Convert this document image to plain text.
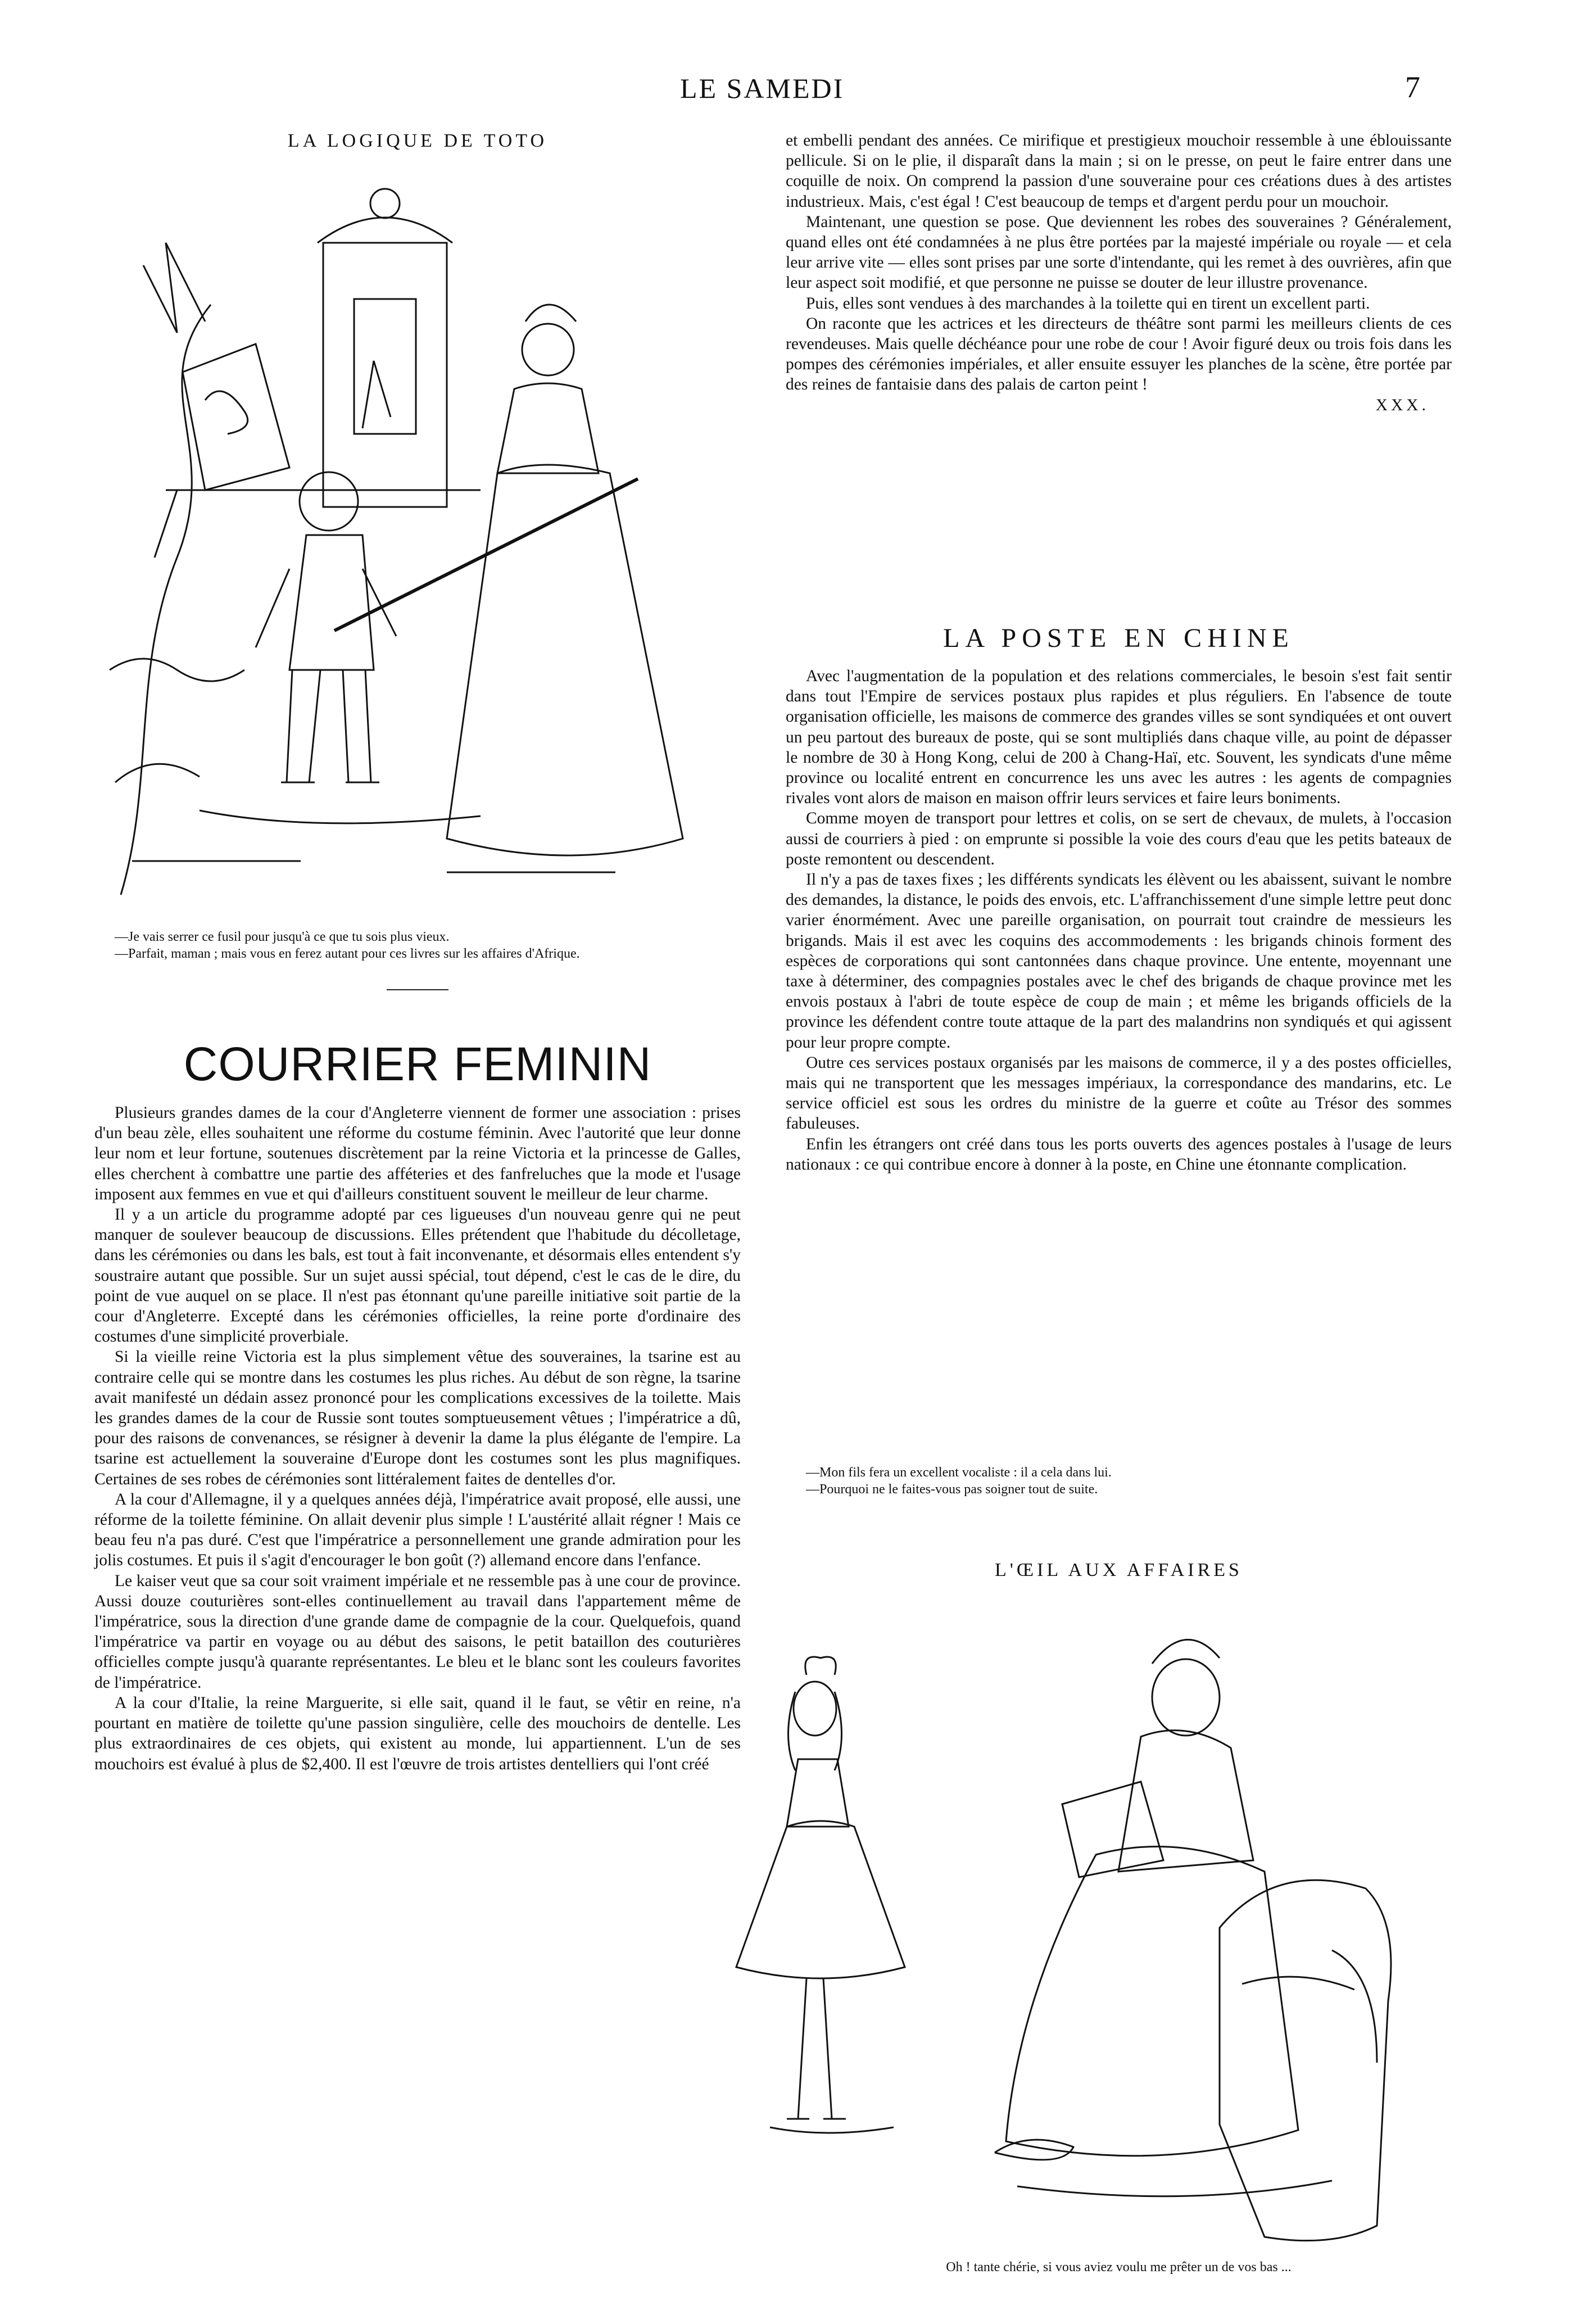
LE SAMEDI	7

LA LOGIQUE DE TOTO

—Je vais serrer ce fusil pour jusqu'à ce que tu sois plus vieux.

—Parfait, maman ; mais vous en ferez autant pour ces livres sur les affaires d'Afrique.

COURRIER FEMININ

Plusieurs grandes dames de la cour d'Angleterre viennent de former une association : prises d'un beau zèle, elles souhaitent une réforme du costume féminin. Avec l'autorité que leur donne leur nom et leur fortune, soutenues discrètement par la reine Victoria et la princesse de Galles, elles cherchent à combattre une partie des afféteries et des fanfreluches que la mode et l'usage imposent aux femmes en vue et qui d'ailleurs constituent souvent le meilleur de leur charme.

Il y a un article du programme adopté par ces ligueuses d'un nouveau genre qui ne peut manquer de soulever beaucoup de discussions. Elles prétendent que l'habitude du décolletage, dans les cérémonies ou dans les bals, est tout à fait inconvenante, et désormais elles entendent s'y soustraire autant que possible. Sur un sujet aussi spécial, tout dépend, c'est le cas de le dire, du point de vue auquel on se place. Il n'est pas étonnant qu'une pareille initiative soit partie de la cour d'Angleterre. Excepté dans les cérémonies officielles, la reine porte d'ordinaire des costumes d'une simplicité proverbiale.

Si la vieille reine Victoria est la plus simplement vêtue des souveraines, la tsarine est au contraire celle qui se montre dans les costumes les plus riches. Au début de son règne, la tsarine avait manifesté un dédain assez prononcé pour les complications excessives de la toilette. Mais les grandes dames de la cour de Russie sont toutes somptueusement vêtues ; l'impératrice a dû, pour des raisons de convenances, se résigner à devenir la dame la plus élégante de l'empire. La tsarine est actuellement la souveraine d'Europe dont les costumes sont les plus magnifiques. Certaines de ses robes de cérémonies sont littéralement faites de dentelles d'or.

A la cour d'Allemagne, il y a quelques années déjà, l'impératrice avait proposé, elle aussi, une réforme de la toilette féminine. On allait devenir plus simple ! L'austérité allait régner ! Mais ce beau feu n'a pas duré. C'est que l'impératrice a personnellement une grande admiration pour les jolis costumes. Et puis il s'agit d'encourager le bon goût (?) allemand encore dans l'enfance.

Le kaiser veut que sa cour soit vraiment impériale et ne ressemble pas à une cour de province. Aussi douze couturières sont-elles continuellement au travail dans l'appartement même de l'impératrice, sous la direction d'une grande dame de compagnie de la cour. Quelquefois, quand l'impératrice va partir en voyage ou au début des saisons, le petit bataillon des couturières officielles compte jusqu'à quarante représentantes. Le bleu et le blanc sont les couleurs favorites de l'impératrice.

A la cour d'Italie, la reine Marguerite, si elle sait, quand il le faut, se vêtir en reine, n'a pourtant en matière de toilette qu'une passion singulière, celle des mouchoirs de dentelle. Les plus extraordinaires de ces objets, qui existent au monde, lui appartiennent. L'un de ses mouchoirs est évalué à plus de $2,400. Il est l'œuvre de trois artistes dentelliers qui l'ont créé

et embelli pendant des années. Ce mirifique et prestigieux mouchoir ressemble à une éblouissante pellicule. Si on le plie, il disparaît dans la main ; si on le presse, on peut le faire entrer dans une coquille de noix. On comprend la passion d'une souveraine pour ces créations dues à des artistes industrieux. Mais, c'est égal ! C'est beaucoup de temps et d'argent perdu pour un mouchoir.

Maintenant, une question se pose. Que deviennent les robes des souveraines ? Généralement, quand elles ont été condamnées à ne plus être portées par la majesté impériale ou royale — et cela leur arrive vite — elles sont prises par une sorte d'intendante, qui les remet à des ouvrières, afin que leur aspect soit modifié, et que personne ne puisse se douter de leur illustre provenance.

Puis, elles sont vendues à des marchandes à la toilette qui en tirent un excellent parti.

On raconte que les actrices et les directeurs de théâtre sont parmi les meilleurs clients de ces revendeuses. Mais quelle déchéance pour une robe de cour ! Avoir figuré deux ou trois fois dans les pompes des cérémonies impériales, et aller ensuite essuyer les planches de la scène, être portée par des reines de fantaisie dans des palais de carton peint !

XXX.

LA POSTE EN CHINE

Avec l'augmentation de la population et des relations commerciales, le besoin s'est fait sentir dans tout l'Empire de services postaux plus rapides et plus réguliers. En l'absence de toute organisation officielle, les maisons de commerce des grandes villes se sont syndiquées et ont ouvert un peu partout des bureaux de poste, qui se sont multipliés dans chaque ville, au point de dépasser le nombre de 30 à Hong Kong, celui de 200 à Chang-Haï, etc. Souvent, les syndicats d'une même province ou localité entrent en concurrence les uns avec les autres : les agents de compagnies rivales vont alors de maison en maison offrir leurs services et faire leurs boniments.

Comme moyen de transport pour lettres et colis, on se sert de chevaux, de mulets, à l'occasion aussi de courriers à pied : on emprunte si possible la voie des cours d'eau que les petits bateaux de poste remontent ou descendent.

Il n'y a pas de taxes fixes ; les différents syndicats les élèvent ou les abaissent, suivant le nombre des demandes, la distance, le poids des envois, etc. L'affranchissement d'une simple lettre peut donc varier énormément. Avec une pareille organisation, on pourrait tout craindre de messieurs les brigands. Mais il est avec les coquins des accommodements : les brigands chinois forment des espèces de corporations qui sont cantonnées dans chaque province. Une entente, moyennant une taxe à déterminer, des compagnies postales avec le chef des brigands de chaque province met les envois postaux à l'abri de toute espèce de coup de main ; et même les brigands officiels de la province les défendent contre toute attaque de la part des malandrins non syndiqués et qui agissent pour leur propre compte.

Outre ces services postaux organisés par les maisons de commerce, il y a des postes officielles, mais qui ne transportent que les messages impériaux, la correspondance des mandarins, etc. Le service officiel est sous les ordres du ministre de la guerre et coûte au Trésor des sommes fabuleuses.

Enfin les étrangers ont créé dans tous les ports ouverts des agences postales à l'usage de leurs nationaux : ce qui contribue encore à donner à la poste, en Chine une étonnante complication.

—Mon fils fera un excellent vocaliste : il a cela dans lui.

—Pourquoi ne le faites-vous pas soigner tout de suite.

L'ŒIL AUX AFFAIRES

Oh ! tante chérie, si vous aviez voulu me prêter un de vos bas ...
